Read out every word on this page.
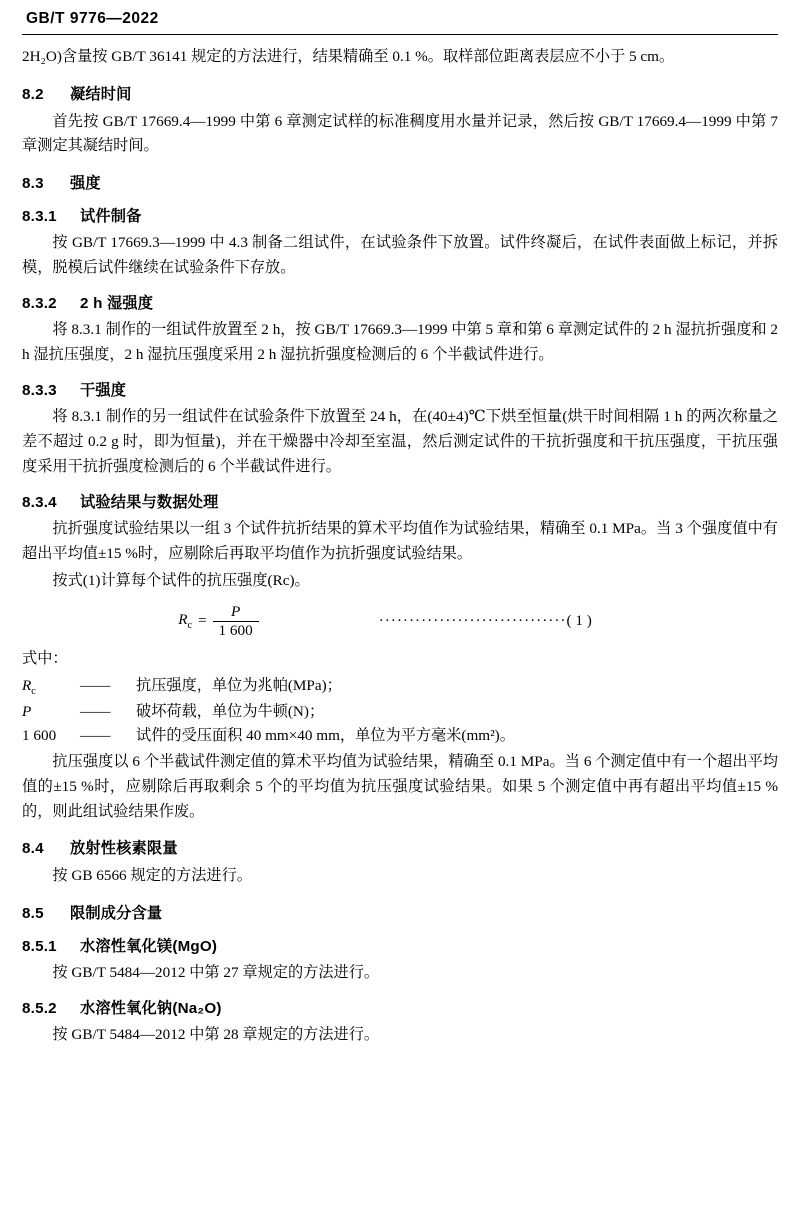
GB/T 9776—2022

2H₂O)含量按 GB/T 36141 规定的方法进行，结果精确至 0.1 %。取样部位距离表层应不小于 5 cm。

8.2 凝结时间

首先按 GB/T 17669.4—1999 中第 6 章测定试样的标准稠度用水量并记录，然后按 GB/T 17669.4—1999 中第 7 章测定其凝结时间。

8.3 强度
8.3.1 试件制备

按 GB/T 17669.3—1999 中 4.3 制备二组试件，在试验条件下放置。试件终凝后，在试件表面做上标记，并拆模，脱模后试件继续在试验条件下存放。

8.3.2 2 h 湿强度

将 8.3.1 制作的一组试件放置至 2 h，按 GB/T 17669.3—1999 中第 5 章和第 6 章测定试件的 2 h 湿抗折强度和 2 h 湿抗压强度，2 h 湿抗压强度采用 2 h 湿抗折强度检测后的 6 个半截试件进行。

8.3.3 干强度

将 8.3.1 制作的另一组试件在试验条件下放置至 24 h，在(40±4)℃下烘至恒量(烘干时间相隔 1 h 的两次称量之差不超过 0.2 g 时，即为恒量)，并在干燥器中冷却至室温，然后测定试件的干抗折强度和干抗压强度，干抗压强度采用干抗折强度检测后的 6 个半截试件进行。

8.3.4 试验结果与数据处理

抗折强度试验结果以一组 3 个试件抗折结果的算术平均值作为试验结果，精确至 0.1 MPa。当 3 个强度值中有超出平均值±15 %时，应剔除后再取平均值作为抗折强度试验结果。

按式(1)计算每个试件的抗压强度(Rc)。

$R_c = \frac{P}{1 600}$	······························· ( 1 )

式中：

$R_c$	——	抗压强度，单位为兆帕(MPa)；
P	——	破坏荷载，单位为牛顿(N)；
1 600	——	试件的受压面积 40 mm×40 mm，单位为平方毫米(mm²)。

抗压强度以 6 个半截试件测定值的算术平均值为试验结果，精确至 0.1 MPa。当 6 个测定值中有一个超出平均值的±15 %时，应剔除后再取剩余 5 个的平均值为抗压强度试验结果。如果 5 个测定值中再有超出平均值±15 %的，则此组试验结果作废。

8.4 放射性核素限量

按 GB 6566 规定的方法进行。

8.5 限制成分含量
8.5.1 水溶性氧化镁(MgO)

按 GB/T 5484—2012 中第 27 章规定的方法进行。

8.5.2 水溶性氧化钠(Na₂O)

按 GB/T 5484—2012 中第 28 章规定的方法进行。
